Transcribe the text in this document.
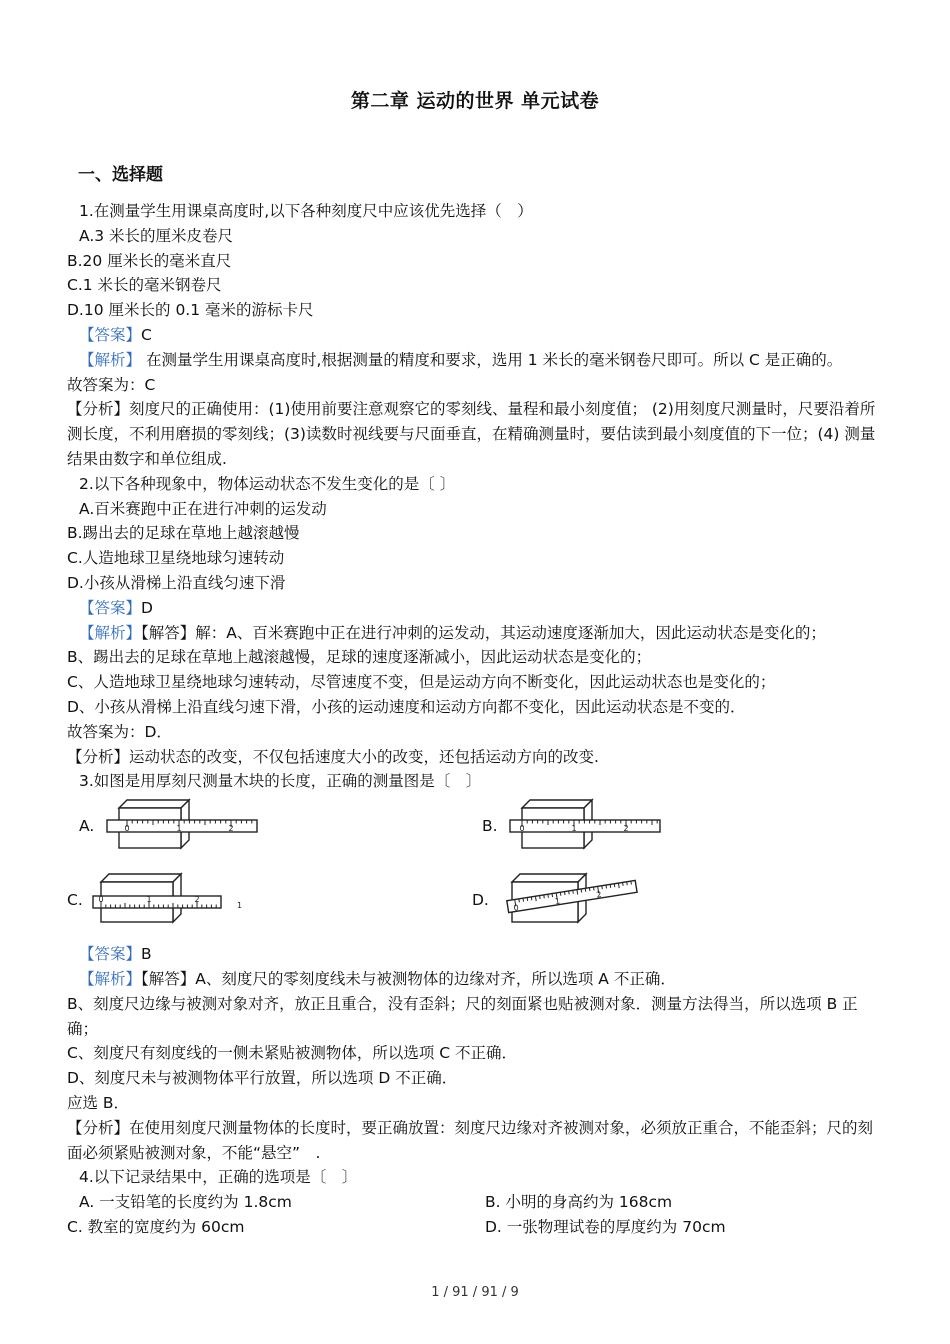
第二章 运动的世界 单元试卷
一、选择题
1.在测量学生用课桌高度时,以下各种刻度尺中应该优先选择（　）
A.3 米长的厘米皮卷尺
B.20 厘米长的毫米直尺
C.1 米长的毫米钢卷尺
D.10 厘米长的 0.1 毫米的游标卡尺
【答案】C
【解析】 在测量学生用课桌高度时,根据测量的精度和要求，选用 1 米长的毫米钢卷尺即可。所以 C 是正确的。
故答案为：C
【分析】刻度尺的正确使用：(1)使用前要注意观察它的零刻线、量程和最小刻度值； (2)用刻度尺测量时，尺要沿着所测长度，不利用磨损的零刻线；(3)读数时视线要与尺面垂直，在精确测量时，要估读到最小刻度值的下一位；(4) 测量结果由数字和单位组成.
2.以下各种现象中，物体运动状态不发生变化的是〔 〕
A.百米赛跑中正在进行冲刺的运发动
B.踢出去的足球在草地上越滚越慢
C.人造地球卫星绕地球匀速转动
D.小孩从滑梯上沿直线匀速下滑
【答案】D
【解析】【解答】解：A、百米赛跑中正在进行冲刺的运发动，其运动速度逐渐加大，因此运动状态是变化的；
B、踢出去的足球在草地上越滚越慢，足球的速度逐渐减小，因此运动状态是变化的；
C、人造地球卫星绕地球匀速转动，尽管速度不变，但是运动方向不断变化，因此运动状态也是变化的；
D、小孩从滑梯上沿直线匀速下滑，小孩的运动速度和运动方向都不变化，因此运动状态是不变的．
故答案为：D．
【分析】运动状态的改变，不仅包括速度大小的改变，还包括运动方向的改变.
3.如图是用厚刻尺测量木块的长度，正确的测量图是〔　〕
A.	0	1	2	B.	0	1	2
C.	0	1	2
1	D.	0
1
2
【答案】B
【解析】【解答】A、刻度尺的零刻度线未与被测物体的边缘对齐，所以选项 A 不正确．
B、刻度尺边缘与被测对象对齐，放正且重合，没有歪斜；尺的刻面紧也贴被测对象．测量方法得当，所以选项 B 正确；
C、刻度尺有刻度线的一侧未紧贴被测物体，所以选项 C 不正确．
D、刻度尺未与被测物体平行放置，所以选项 D 不正确．
应选 B．
【分析】在使用刻度尺测量物体的长度时，要正确放置：刻度尺边缘对齐被测对象，必须放正重合，不能歪斜；尺的刻面必须紧贴被测对象，不能“悬空”　.
4.以下记录结果中，正确的选项是〔　〕
A. 一支铅笔的长度约为 1.8cm	B. 小明的身高约为 168cm
C. 教室的宽度约为 60cm	D. 一张物理试卷的厚度约为 70cm
1 / 91 / 91 / 9
